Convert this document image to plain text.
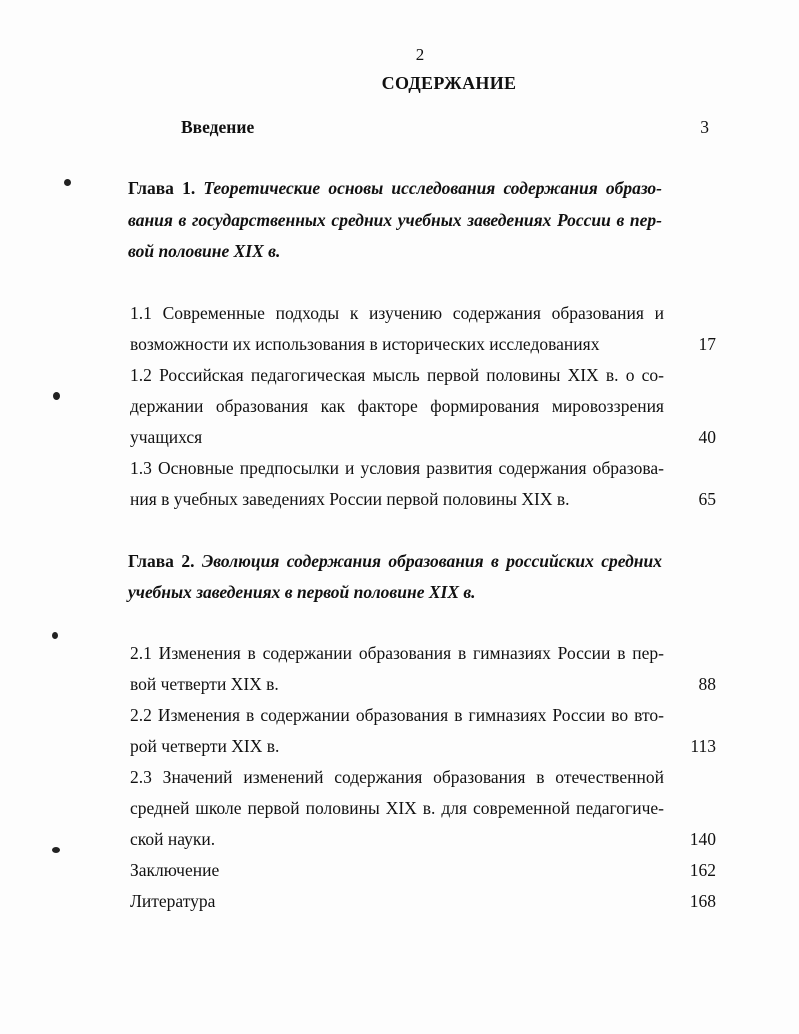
2
СОДЕРЖАНИЕ
Введение	3
Глава 1. Теоретические основы исследования содержания образо-
вания в государственных средних учебных заведениях России в пер-
вой половине XIX в.
1.1 Современные подходы к изучению содержания образования и
возможности их использования в исторических исследованиях	17
1.2 Российская педагогическая мысль первой половины XIX в. о со-
держании образования как факторе формирования мировоззрения
учащихся	40
1.3 Основные предпосылки и условия развития содержания образова-
ния в учебных заведениях России первой половины XIX в.	65
Глава 2. Эволюция содержания образования в российских средних
учебных заведениях в первой половине XIX в.
2.1 Изменения в содержании образования в гимназиях России в пер-
вой четверти XIX в.	88
2.2 Изменения в содержании образования в гимназиях России во вто-
рой четверти XIX в.	113
2.3 Значений изменений содержания образования в отечественной
средней школе первой половины XIX в. для современной педагогиче-
ской науки.	140
Заключение	162
Литература	168
